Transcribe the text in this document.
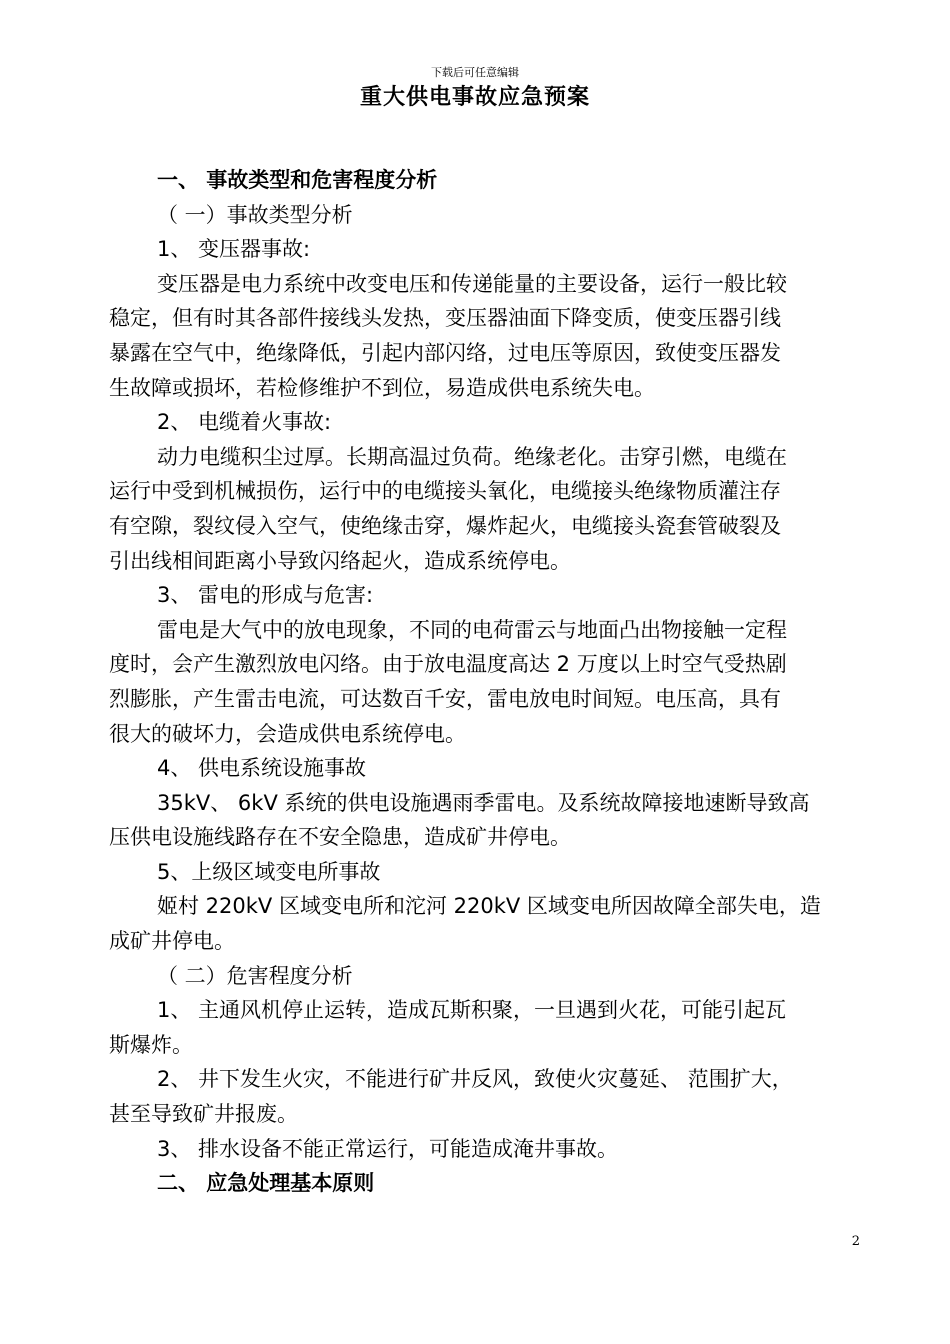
下载后可任意编辑
重大供电事故应急预案

一、 事故类型和危害程度分析

（ 一）事故类型分析

1、 变压器事故:

变压器是电力系统中改变电压和传递能量的主要设备，运行一般比较

稳定，但有时其各部件接线头发热，变压器油面下降变质，使变压器引线

暴露在空气中，绝缘降低，引起内部闪络，过电压等原因，致使变压器发

生故障或损坏，若检修维护不到位，易造成供电系统失电。

2、 电缆着火事故:

动力电缆积尘过厚。长期高温过负荷。绝缘老化。击穿引燃，电缆在

运行中受到机械损伤，运行中的电缆接头氧化，电缆接头绝缘物质灌注存

有空隙，裂纹侵入空气，使绝缘击穿，爆炸起火，电缆接头瓷套管破裂及

引出线相间距离小导致闪络起火，造成系统停电。

3、 雷电的形成与危害:

雷电是大气中的放电现象，不同的电荷雷云与地面凸出物接触一定程

度时，会产生激烈放电闪络。由于放电温度高达 2 万度以上时空气受热剧

烈膨胀，产生雷击电流，可达数百千安，雷电放电时间短。电压高，具有

很大的破坏力，会造成供电系统停电。

4、 供电系统设施事故

35kV、 6kV 系统的供电设施遇雨季雷电。及系统故障接地速断导致高

压供电设施线路存在不安全隐患，造成矿井停电。

5、上级区域变电所事故

姬村 220kV 区域变电所和沱河 220kV 区域变电所因故障全部失电，造

成矿井停电。

（ 二）危害程度分析

1、 主通风机停止运转，造成瓦斯积聚，一旦遇到火花，可能引起瓦

斯爆炸。

2、 井下发生火灾，不能进行矿井反风，致使火灾蔓延、 范围扩大，

甚至导致矿井报废。

3、 排水设备不能正常运行，可能造成淹井事故。

二、 应急处理基本原则

2
